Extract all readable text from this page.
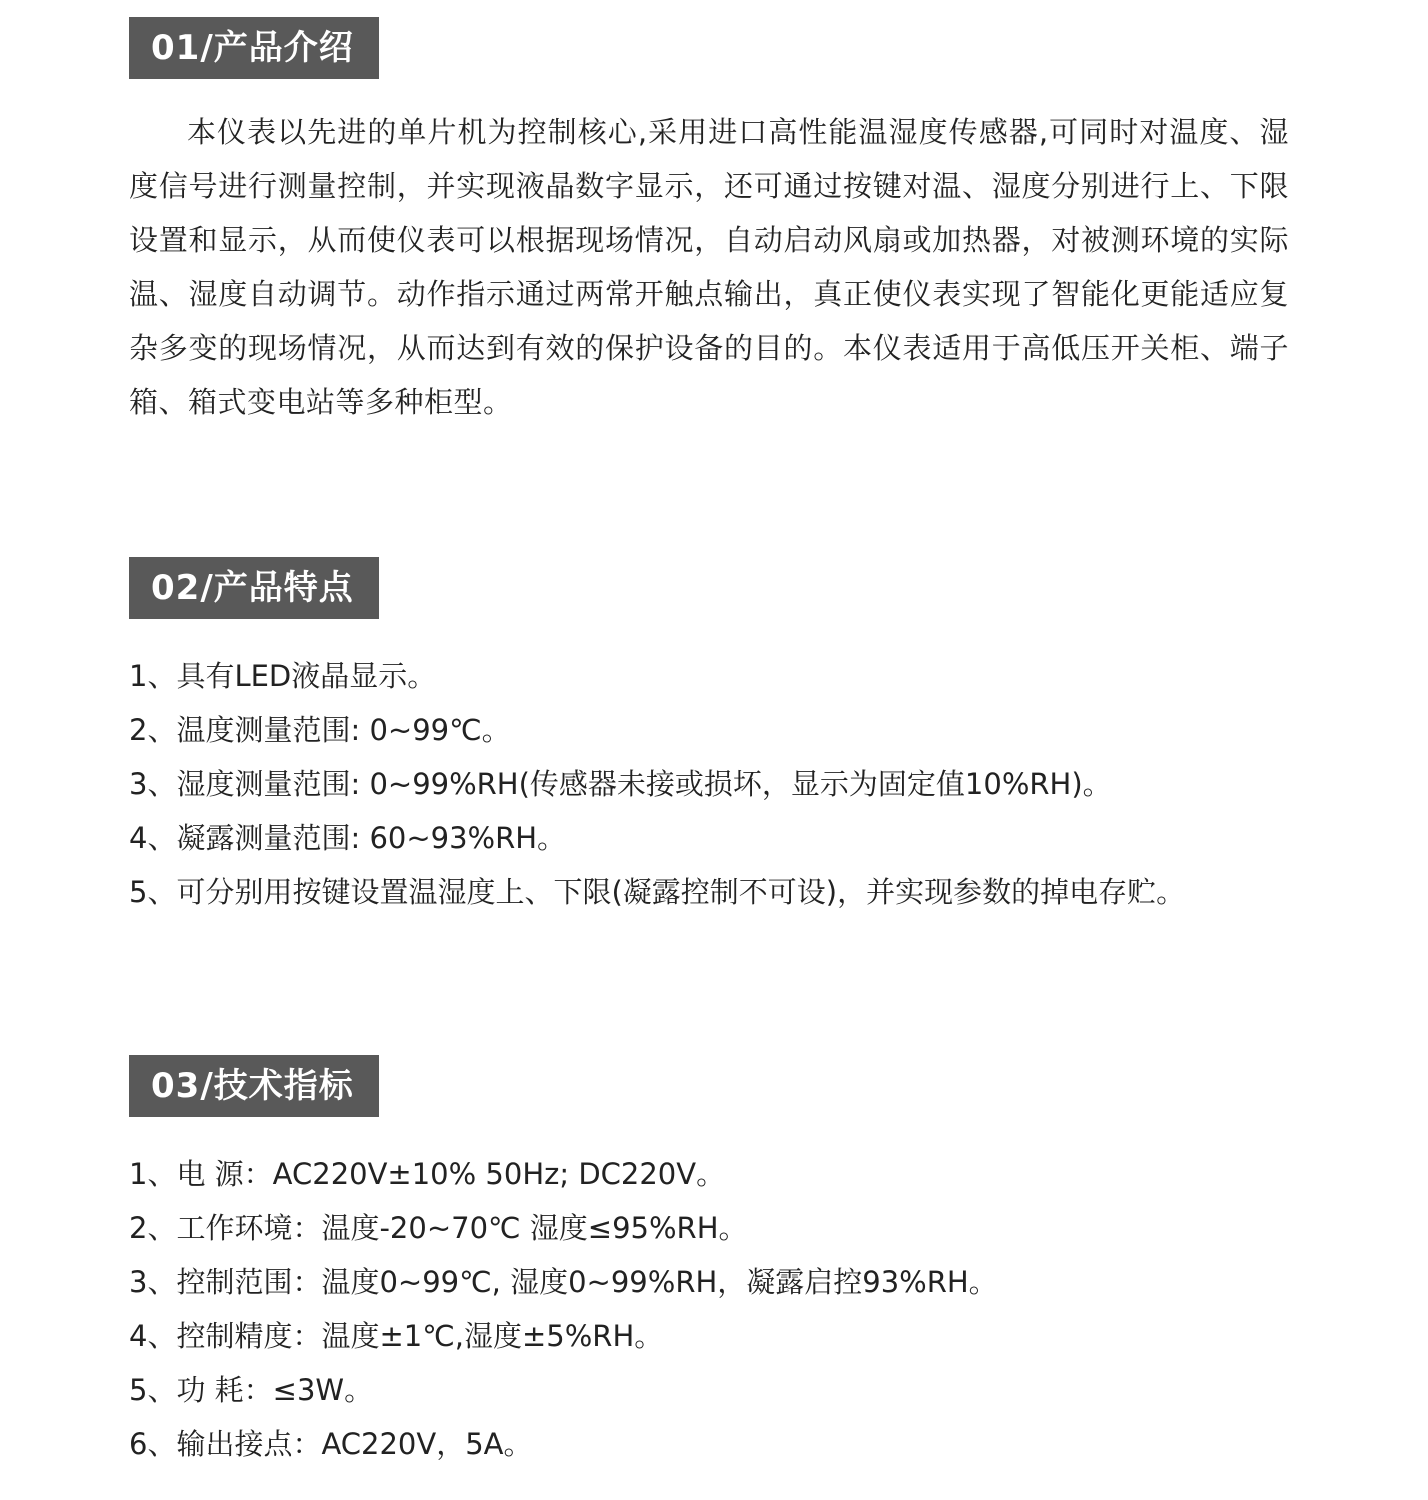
01/产品介绍

本仪表以先进的单片机为控制核心,采用进口高性能温湿度传感器,可同时对温度、湿度信号进行测量控制，并实现液晶数字显示，还可通过按键对温、湿度分别进行上、下限设置和显示，从而使仪表可以根据现场情况，自动启动风扇或加热器，对被测环境的实际温、湿度自动调节。动作指示通过两常开触点输出，真正使仪表实现了智能化更能适应复杂多变的现场情况，从而达到有效的保护设备的目的。本仪表适用于高低压开关柜、端子箱、箱式变电站等多种柜型。

02/产品特点
1、具有LED液晶显示。
2、温度测量范围: 0~99℃。
3、湿度测量范围: 0~99%RH(传感器未接或损坏，显示为固定值10%RH)。
4、凝露测量范围: 60~93%RH。
5、可分别用按键设置温湿度上、下限(凝露控制不可设)，并实现参数的掉电存贮。
03/技术指标
1、电 源：AC220V±10% 50Hz; DC220V。
2、工作环境：温度-20~70℃ 湿度≤95%RH。
3、控制范围：温度0~99℃, 湿度0~99%RH，凝露启控93%RH。
4、控制精度：温度±1℃,湿度±5%RH。
5、功 耗：≤3W。
6、输出接点：AC220V，5A。
